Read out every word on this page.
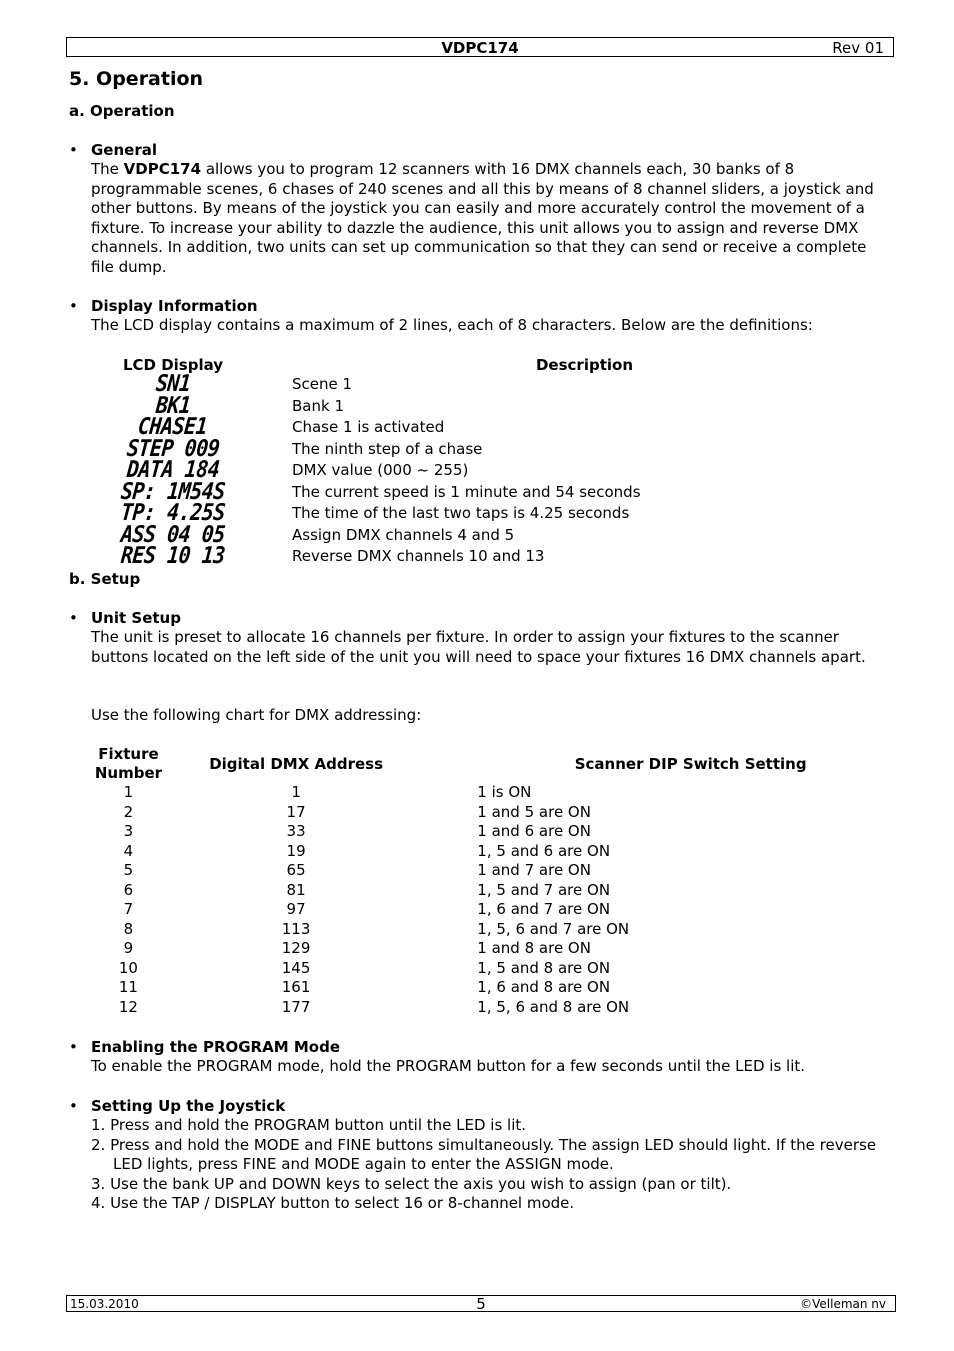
VDPC174	Rev 01
5. Operation
a. Operation
• General

The VDPC174 allows you to program 12 scanners with 16 DMX channels each, 30 banks of 8 programmable scenes, 6 chases of 240 scenes and all this by means of 8 channel sliders, a joystick and other buttons. By means of the joystick you can easily and more accurately control the movement of a fixture. To increase your ability to dazzle the audience, this unit allows you to assign and reverse DMX channels. In addition, two units can set up communication so that they can send or receive a complete file dump.

• Display Information

The LCD display contains a maximum of 2 lines, each of 8 characters. Below are the definitions:

LCD Display		Description
SN1		Scene 1
BK1		Bank 1
CHASE1		Chase 1 is activated
STEP 009		The ninth step of a chase
DATA 184		DMX value (000 ~ 255)
SP: 1M54S		The current speed is 1 minute and 54 seconds
TP: 4.25S		The time of the last two taps is 4.25 seconds
ASS 04 05		Assign DMX channels 4 and 5
RES 10 13		Reverse DMX channels 10 and 13
b. Setup
• Unit Setup

The unit is preset to allocate 16 channels per fixture. In order to assign your fixtures to the scanner buttons located on the left side of the unit you will need to space your fixtures 16 DMX channels apart.

Use the following chart for DMX addressing:

Fixture
Number	Digital DMX Address	Scanner DIP Switch Setting
1	1	1 is ON
2	17	1 and 5 are ON
3	33	1 and 6 are ON
4	19	1, 5 and 6 are ON
5	65	1 and 7 are ON
6	81	1, 5 and 7 are ON
7	97	1, 6 and 7 are ON
8	113	1, 5, 6 and 7 are ON
9	129	1 and 8 are ON
10	145	1, 5 and 8 are ON
11	161	1, 6 and 8 are ON
12	177	1, 5, 6 and 8 are ON
• Enabling the PROGRAM Mode

To enable the PROGRAM mode, hold the PROGRAM button for a few seconds until the LED is lit.

• Setting Up the Joystick
1. Press and hold the PROGRAM button until the LED is lit.
2. Press and hold the MODE and FINE buttons simultaneously. The assign LED should light. If the reverse LED lights, press FINE and MODE again to enter the ASSIGN mode.
3. Use the bank UP and DOWN keys to select the axis you wish to assign (pan or tilt).
4. Use the TAP / DISPLAY button to select 16 or 8-channel mode.
15.03.2010	5	©Velleman nv
